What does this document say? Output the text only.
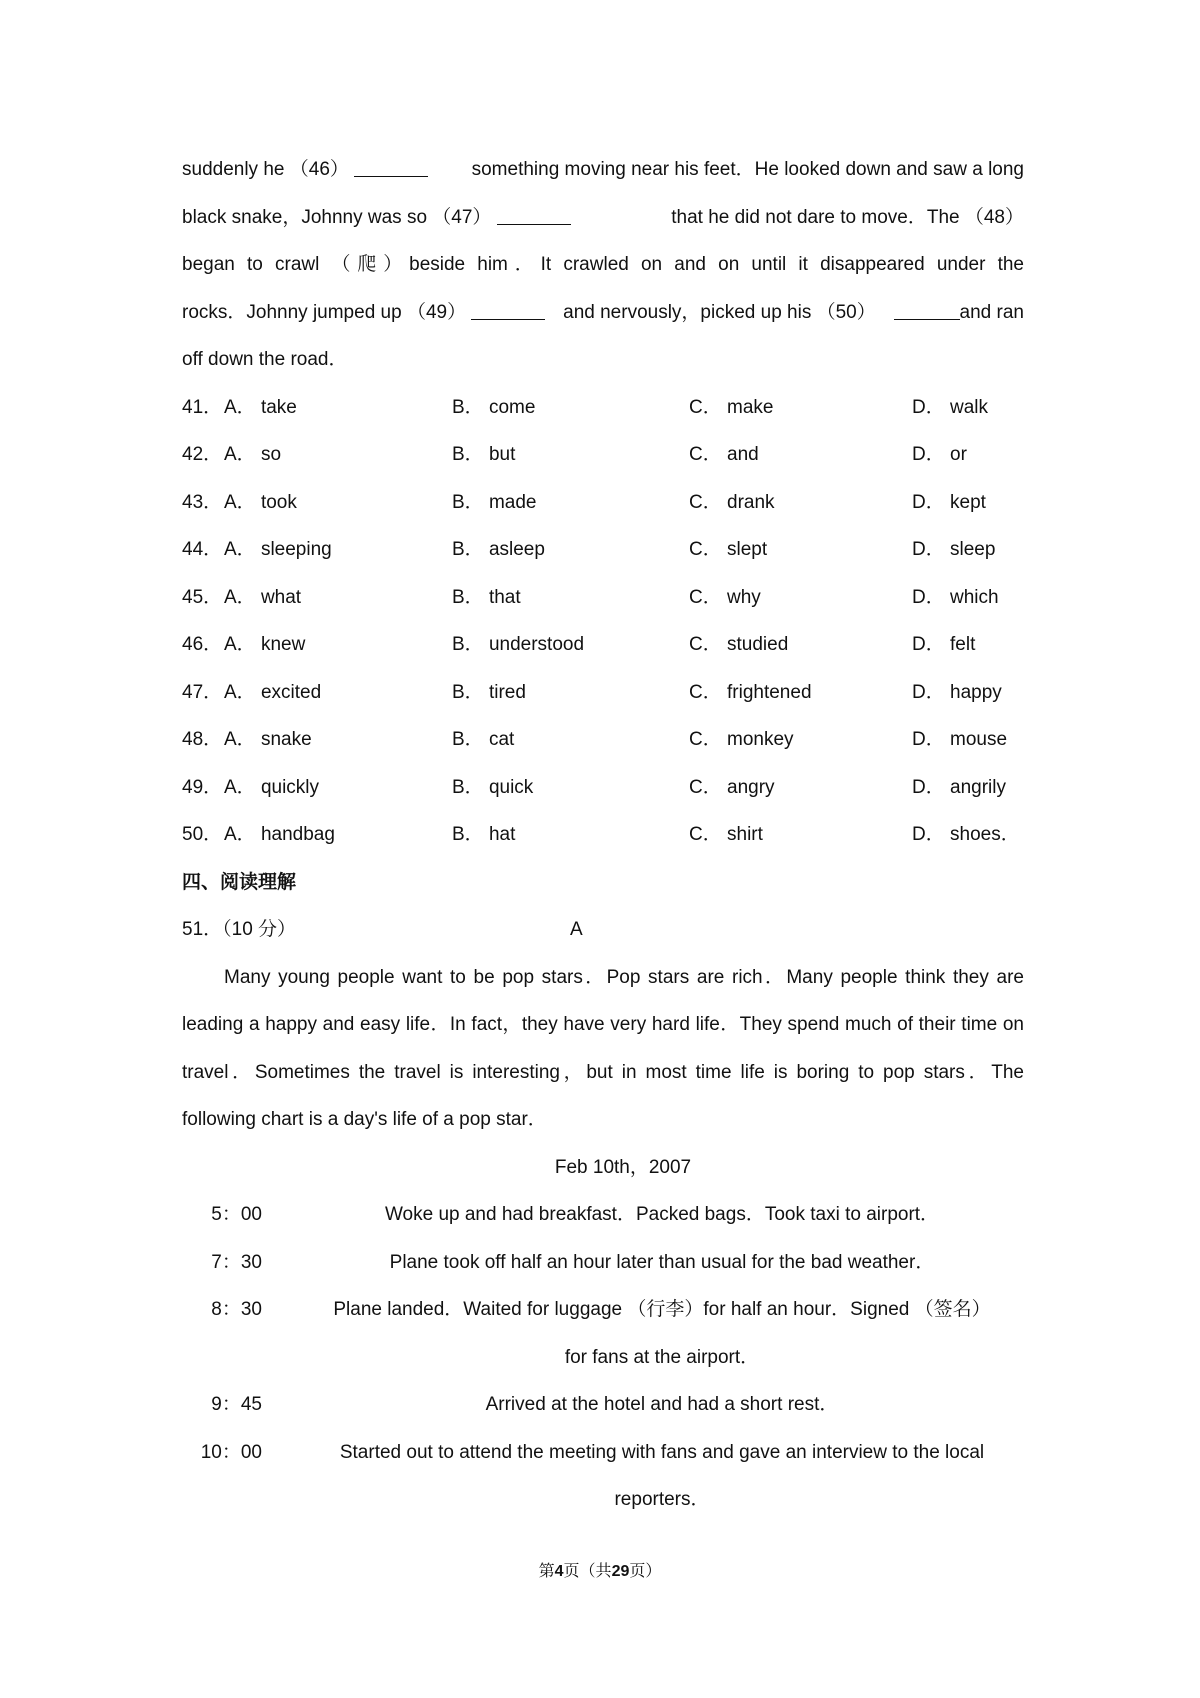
suddenly he （46）	something moving near his feet．He looked down and saw a long
black snake，Johnny was so （47）	that he did not dare to move．The （48）
began to crawl （爬）beside him．It crawled on and on until it disappeared under the
rocks．Johnny jumped up （49）	and nervously，picked up his （50）	and ran
off down the road．
41． A． take	B． come	C． make	D． walk
42． A． so	B． but	C． and	D． or
43． A． took	B． made	C． drank	D． kept
44． A． sleeping	B． asleep	C． slept	D． sleep
45． A． what	B． that	C． why	D． which
46． A． knew	B． understood	C． studied	D． felt
47． A． excited	B． tired	C． frightened	D． happy
48． A． snake	B． cat	C． monkey	D． mouse
49． A． quickly	B． quick	C． angry	D． angrily
50． A． handbag	B． hat	C． shirt	D． shoes．
四、阅读理解
51．（10 分）	A
Many young people want to be pop stars．Pop stars are rich．Many people think they are
leading a happy and easy life．In fact，they have very hard life．They spend much of their time on
travel．Sometimes the travel is interesting，but in most time life is boring to pop stars．The
following chart is a day's life of a pop star．
Feb 10th，2007
5：00	Woke up and had breakfast．Packed bags．Took taxi to airport．
7：30	Plane took off half an hour later than usual for the bad weather．
8：30	Plane landed．Waited for luggage （行李）for half an hour．Signed （签名）
for fans at the airport．
9：45	Arrived at the hotel and had a short rest．
10：00	Started out to attend the meeting with fans and gave an interview to the local
reporters．
第4页（共29页）
